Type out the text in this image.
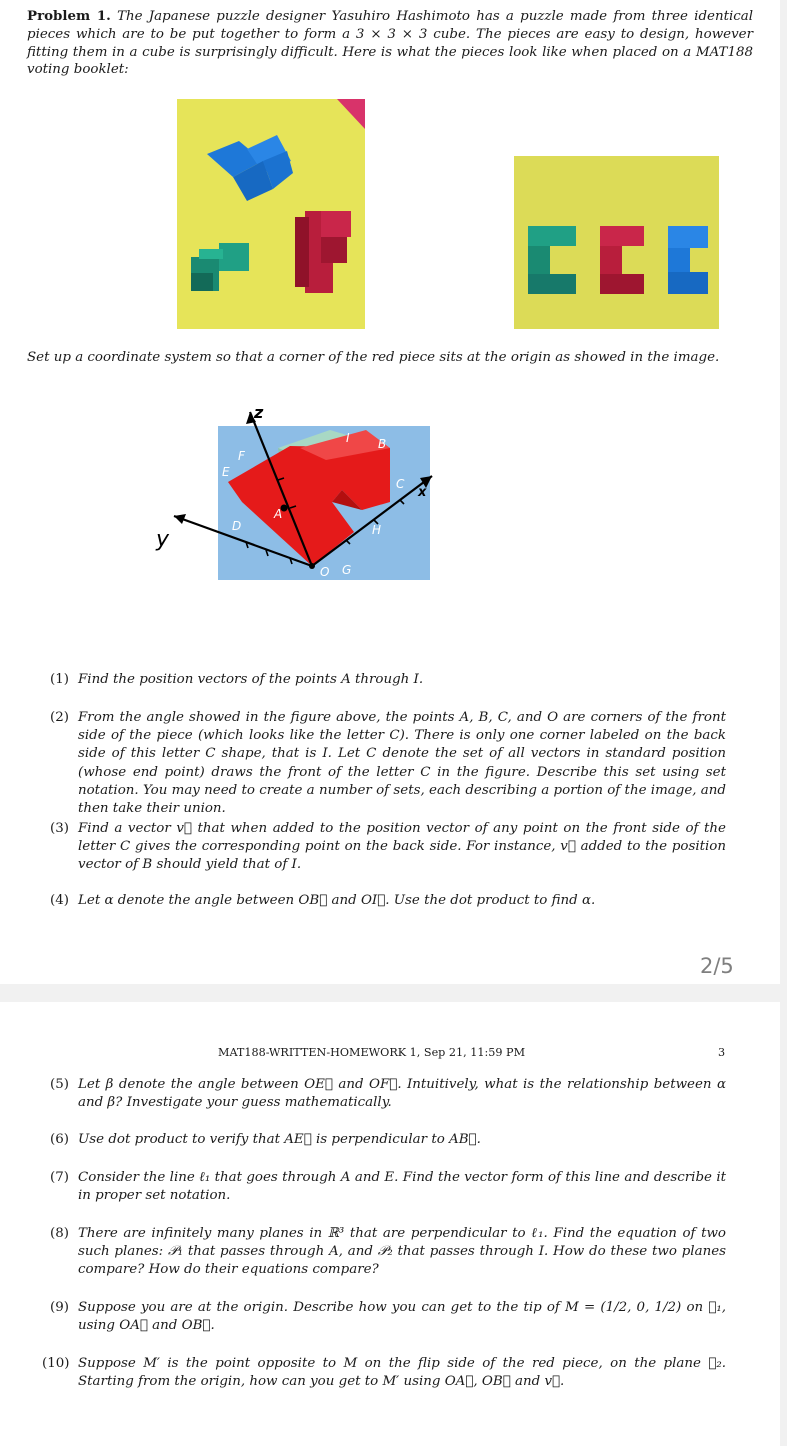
Problem 1. The Japanese puzzle designer Yasuhiro Hashimoto has a puzzle made from three identical pieces which are to be put together to form a 3 × 3 × 3 cube. The pieces are easy to design, however fitting them in a cube is surprisingly difficult. Here is what the pieces look like when placed on a MAT188 voting booklet:
Set up a coordinate system so that a corner of the red piece sits at the origin as showed in the image.
z
y
x
A
B
C
D
E
F
G
H
I
O
(1) Find the position vectors of the points A through I.
(2) From the angle showed in the figure above, the points A, B, C, and O are corners of the front side of the piece (which looks like the letter C). There is only one corner labeled on the back side of this letter C shape, that is I. Let C denote the set of all vectors in standard position (whose end point) draws the front of the letter C in the figure. Describe this set using set notation. You may need to create a number of sets, each describing a portion of the image, and then take their union.
(3) Find a vector v⃗ that when added to the position vector of any point on the front side of the letter C gives the corresponding point on the back side. For instance, v⃗ added to the position vector of B should yield that of I.
(4) Let α denote the angle between OB⃗ and OI⃗. Use the dot product to find α.
2/5
MAT188-WRITTEN-HOMEWORK 1, Sep 21, 11:59 PM	3
(5) Let β denote the angle between OE⃗ and OF⃗. Intuitively, what is the relationship between α and β? Investigate your guess mathematically.
(6) Use dot product to verify that AE⃗ is perpendicular to AB⃗.
(7) Consider the line ℓ₁ that goes through A and E. Find the vector form of this line and describe it in proper set notation.
(8) There are infinitely many planes in ℝ³ that are perpendicular to ℓ₁. Find the equation of two such planes: 𝒫₁ that passes through A, and 𝒫₂ that passes through I. How do these two planes compare? How do their equations compare?
(9) Suppose you are at the origin. Describe how you can get to the tip of M = (1/2, 0, 1/2) on 𝒫₁, using OA⃗ and OB⃗.
(10) Suppose M′ is the point opposite to M on the flip side of the red piece, on the plane 𝒫₂. Starting from the origin, how can you get to M′ using OA⃗, OB⃗ and v⃗.
